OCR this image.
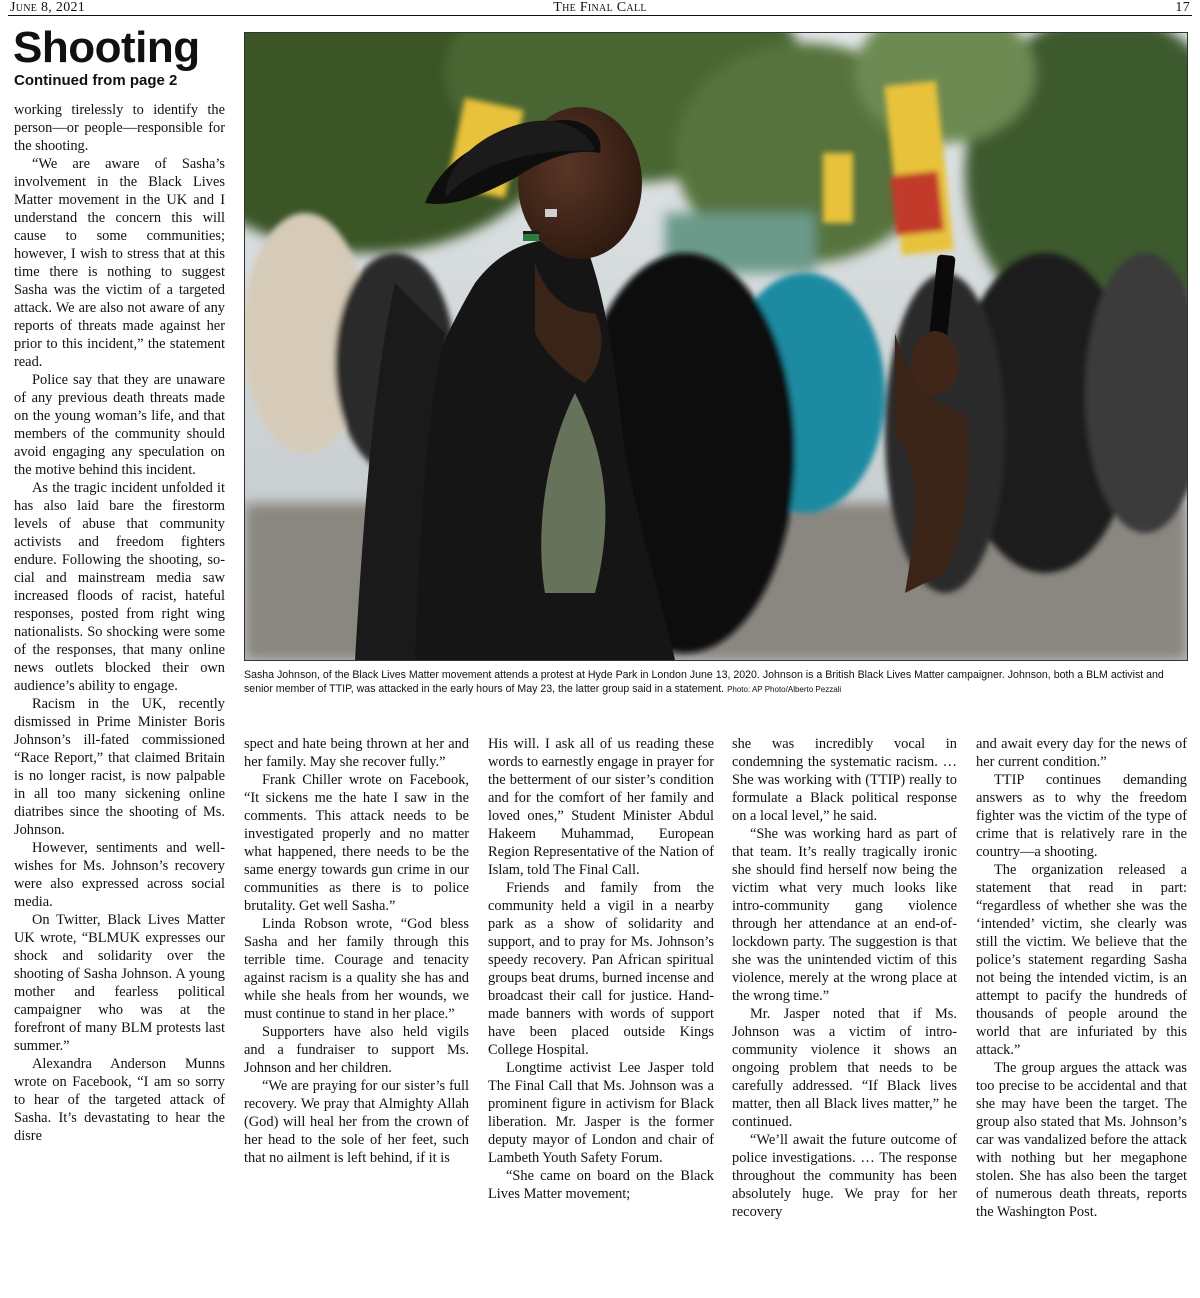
June 8, 2021	The Final Call	17
Shooting

Continued from page 2

Sasha Johnson, of the Black Lives Matter movement attends a protest at Hyde Park in London June 13, 2020. Johnson is a British Black Lives Matter campaigner. Johnson, both a BLM activist and senior member of TTIP, was attacked in the early hours of May 23, the latter group said in a statement. Photo: AP Photo/Alberto Pezzali

working tirelessly to identify the person—or people—responsible for the shooting.

“We are aware of Sasha’s involvement in the Black Lives Matter movement in the UK and I understand the concern this will cause to some communities; however, I wish to stress that at this time there is nothing to suggest Sasha was the victim of a targeted attack. We are also not aware of any reports of threats made against her prior to this incident,” the statement read.

Police say that they are unaware of any previous death threats made on the young woman’s life, and that members of the community should avoid engaging any speculation on the motive behind this incident.

As the tragic incident unfolded it has also laid bare the firestorm levels of abuse that community activists and freedom fighters endure. Following the shooting, social and mainstream media saw increased floods of racist, hateful responses, posted from right wing nationalists. So shocking were some of the responses, that many online news outlets blocked their own audience’s ability to engage.

Racism in the UK, recently dismissed in Prime Minister Boris Johnson’s ill-fated commissioned “Race Report,” that claimed Britain is no longer racist, is now palpable in all too many sickening online diatribes since the shooting of Ms. Johnson.

However, sentiments and well-wishes for Ms. Johnson’s recovery were also expressed across social media.

On Twitter, Black Lives Matter UK wrote, “BLMUK expresses our shock and solidarity over the shooting of Sasha Johnson. A young mother and fearless political campaigner who was at the forefront of many BLM protests last summer.”

Alexandra Anderson Munns wrote on Facebook, “I am so sorry to hear of the targeted attack of Sasha. It’s devastating to hear the disre

spect and hate being thrown at her and her family. May she recover fully.”

Frank Chiller wrote on Facebook, “It sickens me the hate I saw in the comments. This attack needs to be investigated properly and no matter what happened, there needs to be the same energy towards gun crime in our communities as there is to police brutality. Get well Sasha.”

Linda Robson wrote, “God bless Sasha and her family through this terrible time. Courage and tenacity against racism is a quality she has and while she heals from her wounds, we must continue to stand in her place.”

Supporters have also held vigils and a fundraiser to support Ms. Johnson and her children.

“We are praying for our sister’s full recovery. We pray that Almighty Allah (God) will heal her from the crown of her head to the sole of her feet, such that no ailment is left behind, if it is

His will. I ask all of us reading these words to earnestly engage in prayer for the betterment of our sister’s condition and for the comfort of her family and loved ones,” Student Minister Abdul Hakeem Muhammad, European Region Representative of the Nation of Islam, told The Final Call.

Friends and family from the community held a vigil in a nearby park as a show of solidarity and support, and to pray for Ms. Johnson’s speedy recovery. Pan African spiritual groups beat drums, burned incense and broadcast their call for justice. Hand-made banners with words of support have been placed outside Kings College Hospital.

Longtime activist Lee Jasper told The Final Call that Ms. Johnson was a prominent figure in activism for Black liberation. Mr. Jasper is the former deputy mayor of London and chair of Lambeth Youth Safety Forum.

“She came on board on the Black Lives Matter movement;

she was incredibly vocal in condemning the systematic racism. … She was working with (TTIP) really to formulate a Black political response on a local level,” he said.

“She was working hard as part of that team. It’s really tragically ironic she should find herself now being the victim what very much looks like intro-community gang violence through her attendance at an end-of-lockdown party. The suggestion is that she was the unintended victim of this violence, merely at the wrong place at the wrong time.”

Mr. Jasper noted that if Ms. Johnson was a victim of intro-community violence it shows an ongoing problem that needs to be carefully addressed. “If Black lives matter, then all Black lives matter,” he continued.

“We’ll await the future outcome of police investigations. … The response throughout the community has been absolutely huge. We pray for her recovery

and await every day for the news of her current condition.”

TTIP continues demanding answers as to why the freedom fighter was the victim of the type of crime that is relatively rare in the country—a shooting.

The organization released a statement that read in part: “regardless of whether she was the ‘intended’ victim, she clearly was still the victim. We believe that the police’s statement regarding Sasha not being the intended victim, is an attempt to pacify the hundreds of thousands of people around the world that are infuriated by this attack.”

The group argues the attack was too precise to be accidental and that she may have been the target. The group also stated that Ms. Johnson’s car was vandalized before the attack with nothing but her megaphone stolen. She has also been the target of numerous death threats, reports the Washington Post.
